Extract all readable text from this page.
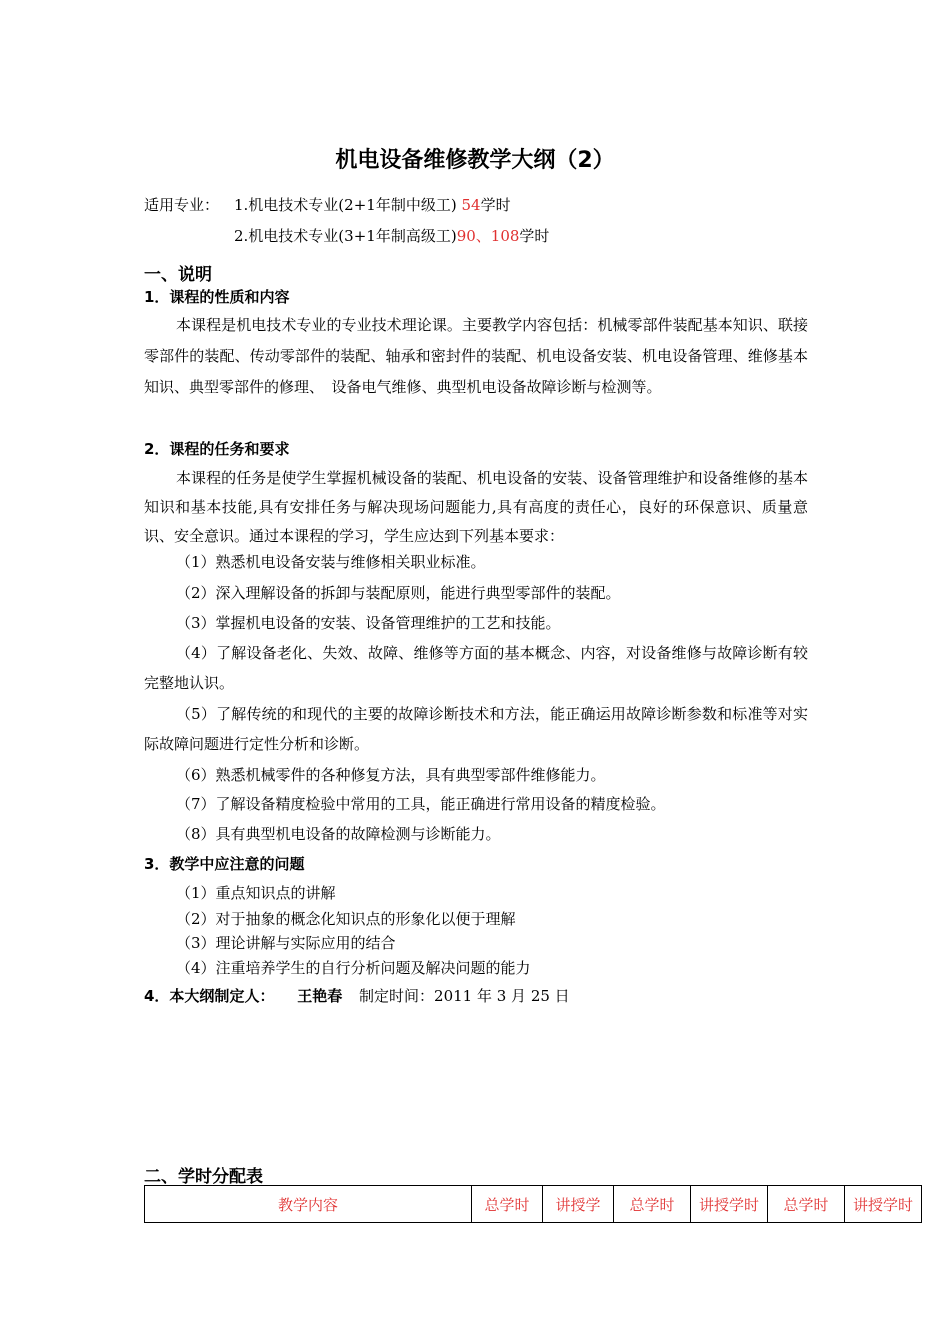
机电设备维修教学大纲（2）
适用专业： 1.机电技术专业(2+1年制中级工) 54学时
2.机电技术专业(3+1年制高级工)90、108学时
一、说明
1．课程的性质和内容
本课程是机电技术专业的专业技术理论课。主要教学内容包括：机械零部件装配基本知识、联接零部件的装配、传动零部件的装配、轴承和密封件的装配、机电设备安装、机电设备管理、维修基本知识、典型零部件的修理、　设备电气维修、典型机电设备故障诊断与检测等。
2．课程的任务和要求
本课程的任务是使学生掌握机械设备的装配、机电设备的安装、设备管理维护和设备维修的基本知识和基本技能,具有安排任务与解决现场问题能力,具有高度的责任心，良好的环保意识、质量意识、安全意识。通过本课程的学习，学生应达到下列基本要求：
（1）熟悉机电设备安装与维修相关职业标准。
（2）深入理解设备的拆卸与装配原则，能进行典型零部件的装配。
（3）掌握机电设备的安装、设备管理维护的工艺和技能。
（4）了解设备老化、失效、故障、维修等方面的基本概念、内容，对设备维修与故障诊断有较完整地认识。
（5）了解传统的和现代的主要的故障诊断技术和方法，能正确运用故障诊断参数和标准等对实际故障问题进行定性分析和诊断。
（6）熟悉机械零件的各种修复方法，具有典型零部件维修能力。
（7）了解设备精度检验中常用的工具，能正确进行常用设备的精度检验。
（8）具有典型机电设备的故障检测与诊断能力。
3．教学中应注意的问题
（1）重点知识点的讲解
（2）对于抽象的概念化知识点的形象化以便于理解
（3）理论讲解与实际应用的结合
（4）注重培养学生的自行分析问题及解决问题的能力
4．本大纲制定人： 王艳春 制定时间：2011 年 3 月 25 日
二、学时分配表
教学内容	总学时	讲授学	总学时	讲授学时	总学时	讲授学时
